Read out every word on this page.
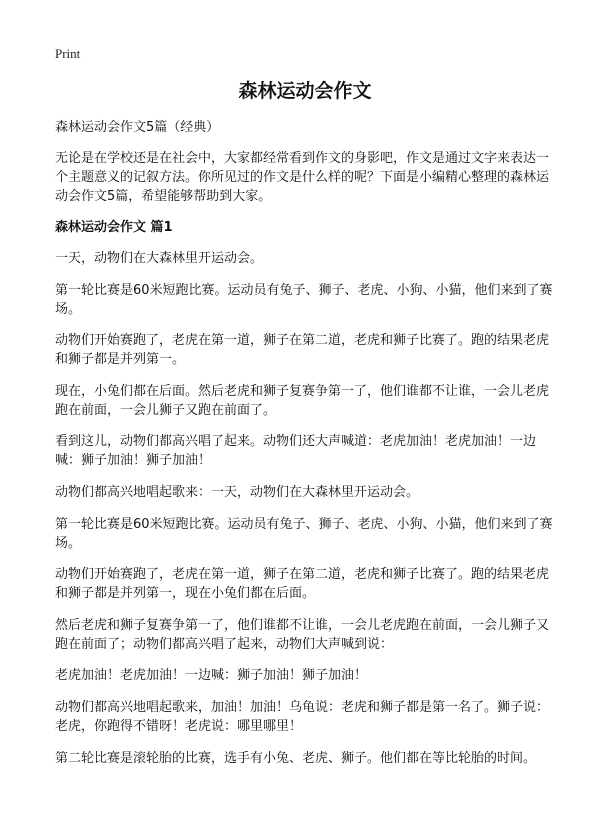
Print
森林运动会作文
森林运动会作文5篇（经典）
无论是在学校还是在社会中，大家都经常看到作文的身影吧，作文是通过文字来表达一个主题意义的记叙方法。你所见过的作文是什么样的呢？下面是小编精心整理的森林运动会作文5篇，希望能够帮助到大家。
森林运动会作文 篇1
一天，动物们在大森林里开运动会。
第一轮比赛是60米短跑比赛。运动员有兔子、狮子、老虎、小狗、小猫，他们来到了赛场。
动物们开始赛跑了，老虎在第一道，狮子在第二道，老虎和狮子比赛了。跑的结果老虎和狮子都是并列第一。
现在，小兔们都在后面。然后老虎和狮子复赛争第一了，他们谁都不让谁，一会儿老虎跑在前面，一会儿狮子又跑在前面了。
看到这儿，动物们都高兴唱了起来。动物们还大声喊道：老虎加油！老虎加油！一边喊：狮子加油！狮子加油！
动物们都高兴地唱起歌来：一天，动物们在大森林里开运动会。
第一轮比赛是60米短跑比赛。运动员有兔子、狮子、老虎、小狗、小猫，他们来到了赛场。
动物们开始赛跑了，老虎在第一道，狮子在第二道，老虎和狮子比赛了。跑的结果老虎和狮子都是并列第一，现在小兔们都在后面。
然后老虎和狮子复赛争第一了，他们谁都不让谁，一会儿老虎跑在前面，一会儿狮子又跑在前面了；动物们都高兴唱了起来，动物们大声喊到说：
老虎加油！老虎加油！一边喊：狮子加油！狮子加油！
动物们都高兴地唱起歌来，加油！加油！乌龟说：老虎和狮子都是第一名了。狮子说：老虎，你跑得不错呀！老虎说：哪里哪里！
第二轮比赛是滚轮胎的比赛，选手有小兔、老虎、狮子。他们都在等比轮胎的时间。
